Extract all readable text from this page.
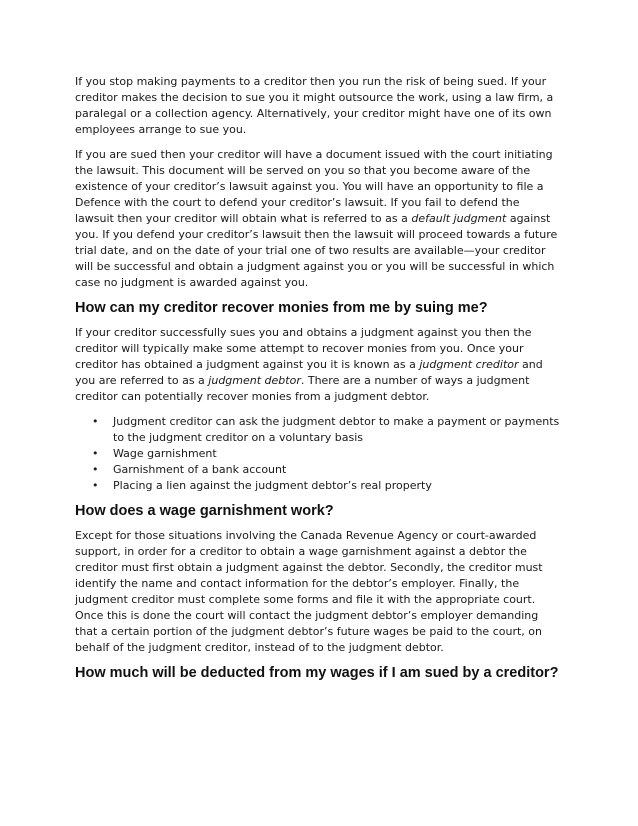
If you stop making payments to a creditor then you run the risk of being sued. If your creditor makes the decision to sue you it might outsource the work, using a law firm, a paralegal or a collection agency. Alternatively, your creditor might have one of its own employees arrange to sue you.

If you are sued then your creditor will have a document issued with the court initiating the lawsuit. This document will be served on you so that you become aware of the existence of your creditor’s lawsuit against you. You will have an opportunity to file a Defence with the court to defend your creditor’s lawsuit. If you fail to defend the lawsuit then your creditor will obtain what is referred to as a default judgment against you. If you defend your creditor’s lawsuit then the lawsuit will proceed towards a future trial date, and on the date of your trial one of two results are available—your creditor will be successful and obtain a judgment against you or you will be successful in which case no judgment is awarded against you.

How can my creditor recover monies from me by suing me?

If your creditor successfully sues you and obtains a judgment against you then the creditor will typically make some attempt to recover monies from you. Once your creditor has obtained a judgment against you it is known as a judgment creditor and you are referred to as a judgment debtor. There are a number of ways a judgment creditor can potentially recover monies from a judgment debtor.

• Judgment creditor can ask the judgment debtor to make a payment or payments to the judgment creditor on a voluntary basis
• Wage garnishment
• Garnishment of a bank account
• Placing a lien against the judgment debtor’s real property
How does a wage garnishment work?

Except for those situations involving the Canada Revenue Agency or court-awarded support, in order for a creditor to obtain a wage garnishment against a debtor the creditor must first obtain a judgment against the debtor. Secondly, the creditor must identify the name and contact information for the debtor’s employer. Finally, the judgment creditor must complete some forms and file it with the appropriate court. Once this is done the court will contact the judgment debtor’s employer demanding that a certain portion of the judgment debtor’s future wages be paid to the court, on behalf of the judgment creditor, instead of to the judgment debtor.

How much will be deducted from my wages if I am sued by a creditor?
